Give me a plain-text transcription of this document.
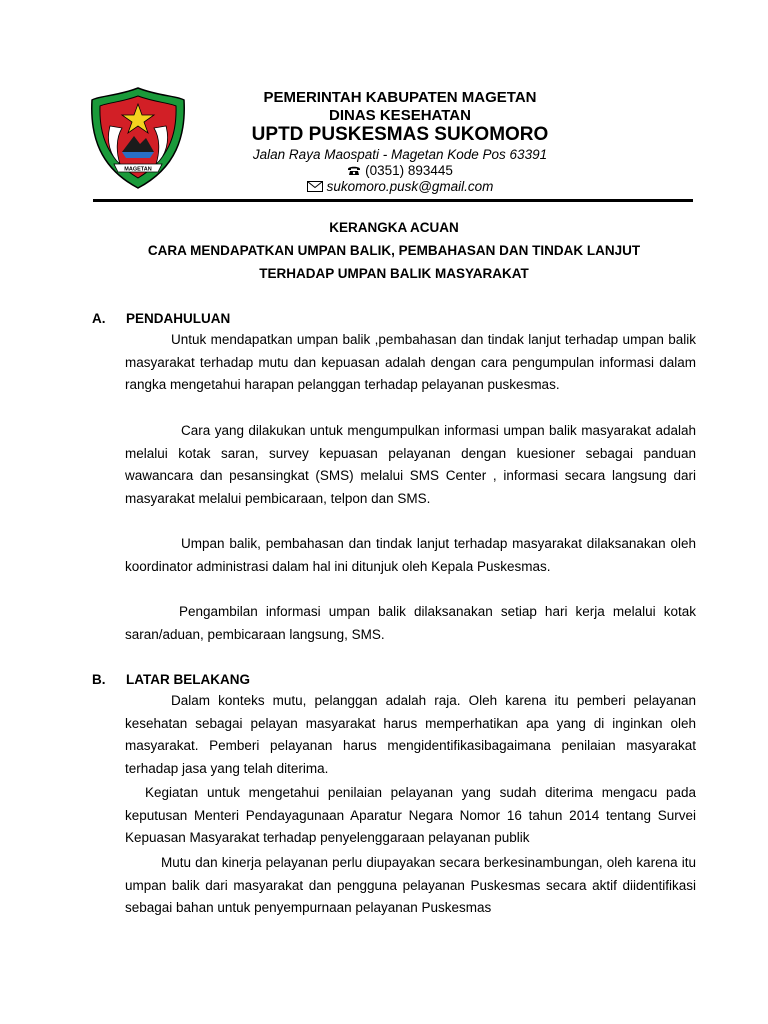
MAGETAN
PEMERINTAH KABUPATEN MAGETAN
DINAS KESEHATAN
UPTD PUSKESMAS SUKOMORO
Jalan Raya Maospati - Magetan Kode Pos 63391
(0351) 893445
sukomoro.pusk@gmail.com
KERANGKA ACUAN
CARA MENDAPATKAN UMPAN BALIK, PEMBAHASAN DAN TINDAK LANJUT
TERHADAP UMPAN BALIK MASYARAKAT
A. PENDAHULUAN

Untuk mendapatkan umpan balik ,pembahasan dan tindak lanjut terhadap umpan balik masyarakat terhadap mutu dan kepuasan adalah dengan cara pengumpulan informasi dalam rangka mengetahui harapan pelanggan terhadap pelayanan puskesmas.

Cara yang dilakukan untuk mengumpulkan informasi umpan balik masyarakat adalah melalui kotak saran, survey kepuasan pelayanan dengan kuesioner sebagai panduan wawancara dan pesansingkat (SMS) melalui SMS Center , informasi secara langsung dari masyarakat melalui pembicaraan, telpon dan SMS.

Umpan balik, pembahasan dan tindak lanjut terhadap masyarakat dilaksanakan oleh koordinator administrasi dalam hal ini ditunjuk oleh Kepala Puskesmas.

Pengambilan informasi umpan balik dilaksanakan setiap hari kerja melalui kotak saran/aduan, pembicaraan langsung, SMS.

B. LATAR BELAKANG

Dalam konteks mutu, pelanggan adalah raja. Oleh karena itu pemberi pelayanan kesehatan sebagai pelayan masyarakat harus memperhatikan apa yang di inginkan oleh masyarakat. Pemberi pelayanan harus mengidentifikasibagaimana penilaian masyarakat terhadap jasa yang telah diterima.

Kegiatan untuk mengetahui penilaian pelayanan yang sudah diterima mengacu pada keputusan Menteri Pendayagunaan Aparatur Negara Nomor 16 tahun 2014 tentang Survei Kepuasan Masyarakat terhadap penyelenggaraan pelayanan publik

Mutu dan kinerja pelayanan perlu diupayakan secara berkesinambungan, oleh karena itu umpan balik dari masyarakat dan pengguna pelayanan Puskesmas secara aktif diidentifikasi sebagai bahan untuk penyempurnaan pelayanan Puskesmas
